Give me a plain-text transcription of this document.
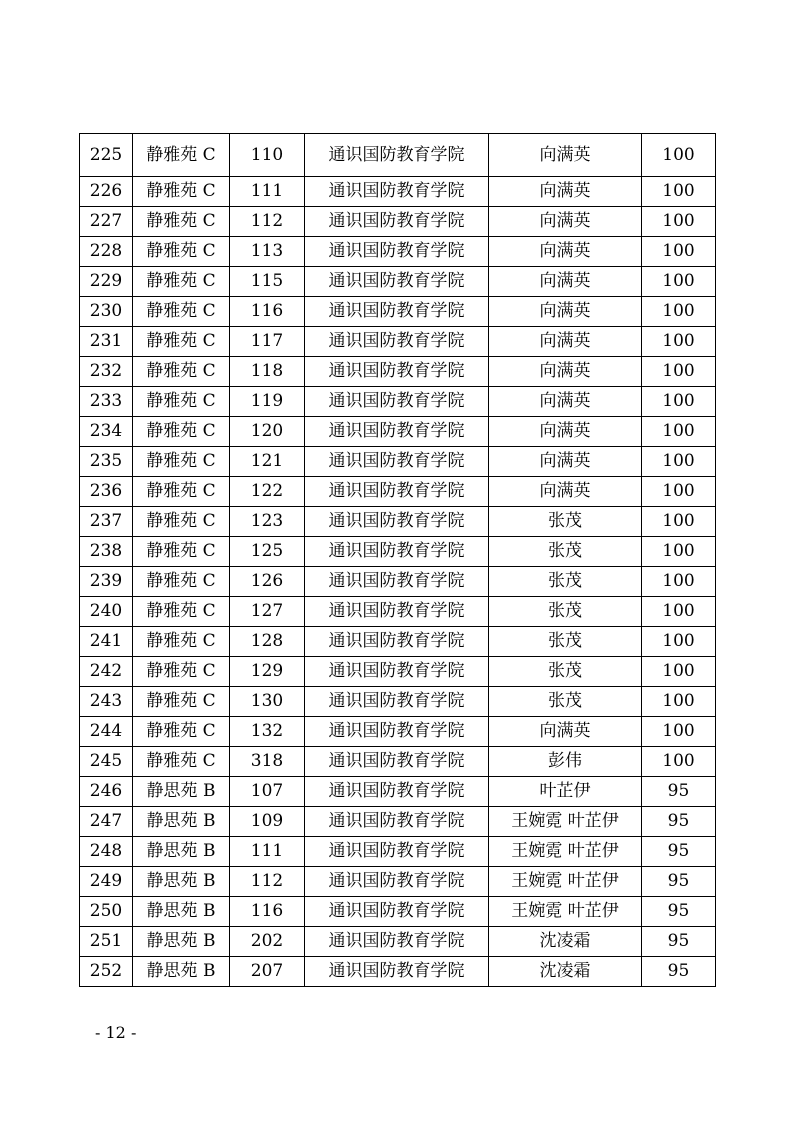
225	静雅苑 C	110	通识国防教育学院	向满英	100
226	静雅苑 C	111	通识国防教育学院	向满英	100
227	静雅苑 C	112	通识国防教育学院	向满英	100
228	静雅苑 C	113	通识国防教育学院	向满英	100
229	静雅苑 C	115	通识国防教育学院	向满英	100
230	静雅苑 C	116	通识国防教育学院	向满英	100
231	静雅苑 C	117	通识国防教育学院	向满英	100
232	静雅苑 C	118	通识国防教育学院	向满英	100
233	静雅苑 C	119	通识国防教育学院	向满英	100
234	静雅苑 C	120	通识国防教育学院	向满英	100
235	静雅苑 C	121	通识国防教育学院	向满英	100
236	静雅苑 C	122	通识国防教育学院	向满英	100
237	静雅苑 C	123	通识国防教育学院	张茂	100
238	静雅苑 C	125	通识国防教育学院	张茂	100
239	静雅苑 C	126	通识国防教育学院	张茂	100
240	静雅苑 C	127	通识国防教育学院	张茂	100
241	静雅苑 C	128	通识国防教育学院	张茂	100
242	静雅苑 C	129	通识国防教育学院	张茂	100
243	静雅苑 C	130	通识国防教育学院	张茂	100
244	静雅苑 C	132	通识国防教育学院	向满英	100
245	静雅苑 C	318	通识国防教育学院	彭伟	100
246	静思苑 B	107	通识国防教育学院	叶芷伊	95
247	静思苑 B	109	通识国防教育学院	王婉霓 叶芷伊	95
248	静思苑 B	111	通识国防教育学院	王婉霓 叶芷伊	95
249	静思苑 B	112	通识国防教育学院	王婉霓 叶芷伊	95
250	静思苑 B	116	通识国防教育学院	王婉霓 叶芷伊	95
251	静思苑 B	202	通识国防教育学院	沈凌霜	95
252	静思苑 B	207	通识国防教育学院	沈凌霜	95
- 12 -
